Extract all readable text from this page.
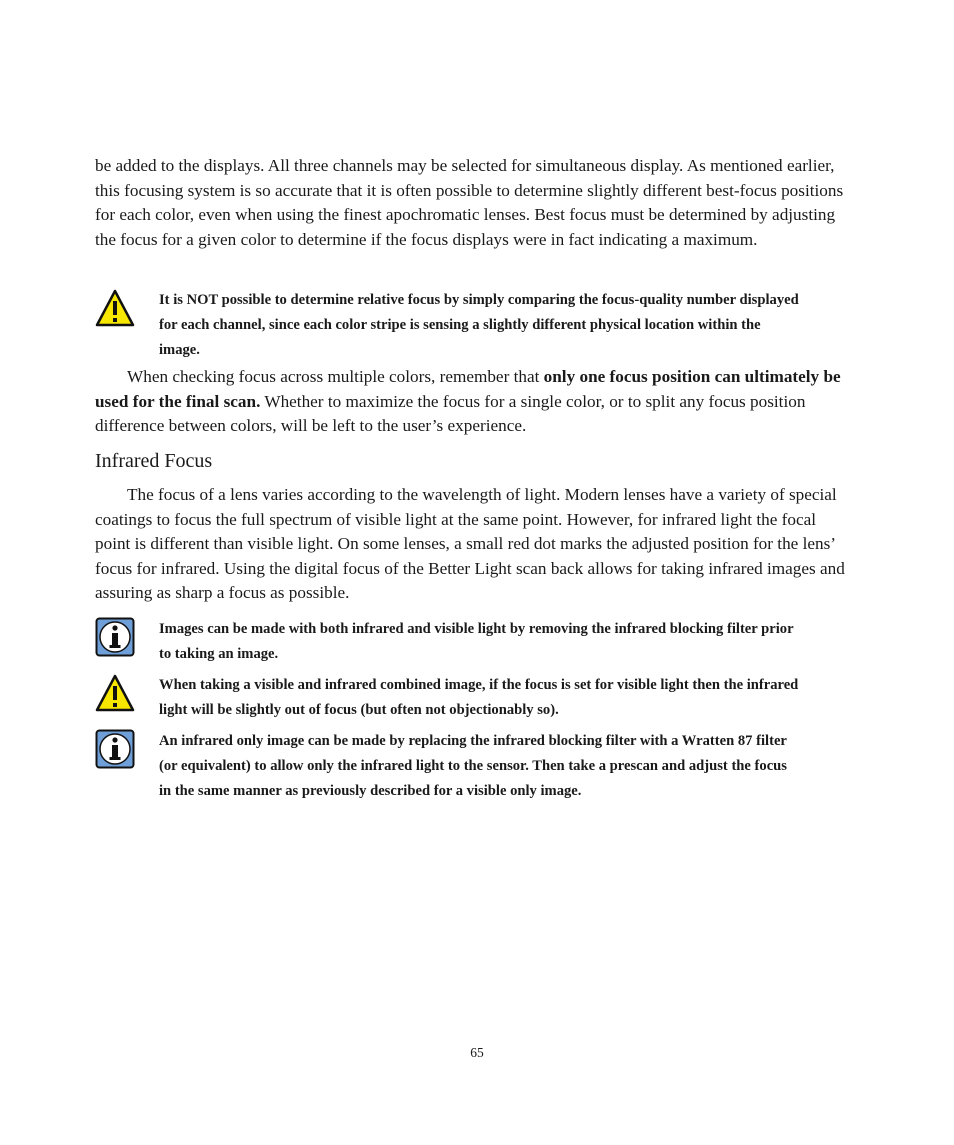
be added to the displays. All three channels may be selected for simultaneous display. As mentioned earlier, this focusing system is so accurate that it is often possible to determine slightly different best-focus positions for each color, even when using the finest apochromatic lenses. Best focus must be determined by adjusting the focus for a given color to determine if the focus displays were in fact indicating a maximum.

It is NOT possible to determine relative focus by simply comparing the focus-quality number displayed for each channel, since each color stripe is sensing a slightly different physical location within the image.

When checking focus across multiple colors, remember that only one focus position can ultimately be used for the final scan. Whether to maximize the focus for a single color, or to split any focus position difference between colors, will be left to the user’s experience.

Infrared Focus

The focus of a lens varies according to the wavelength of light. Modern lenses have a variety of special coatings to focus the full spectrum of visible light at the same point. However, for infrared light the focal point is different than visible light. On some lenses, a small red dot marks the adjusted position for the lens’ focus for infrared. Using the digital focus of the Better Light scan back allows for taking infrared images and assuring as sharp a focus as possible.

Images can be made with both infrared and visible light by removing the infrared blocking filter prior to taking an image.

When taking a visible and infrared combined image, if the focus is set for visible light then the infrared light will be slightly out of focus (but often not objectionably so).

An infrared only image can be made by replacing the infrared blocking filter with a Wratten 87 filter (or equivalent) to allow only the infrared light to the sensor. Then take a prescan and adjust the focus in the same manner as previously described for a visible only image.

65
